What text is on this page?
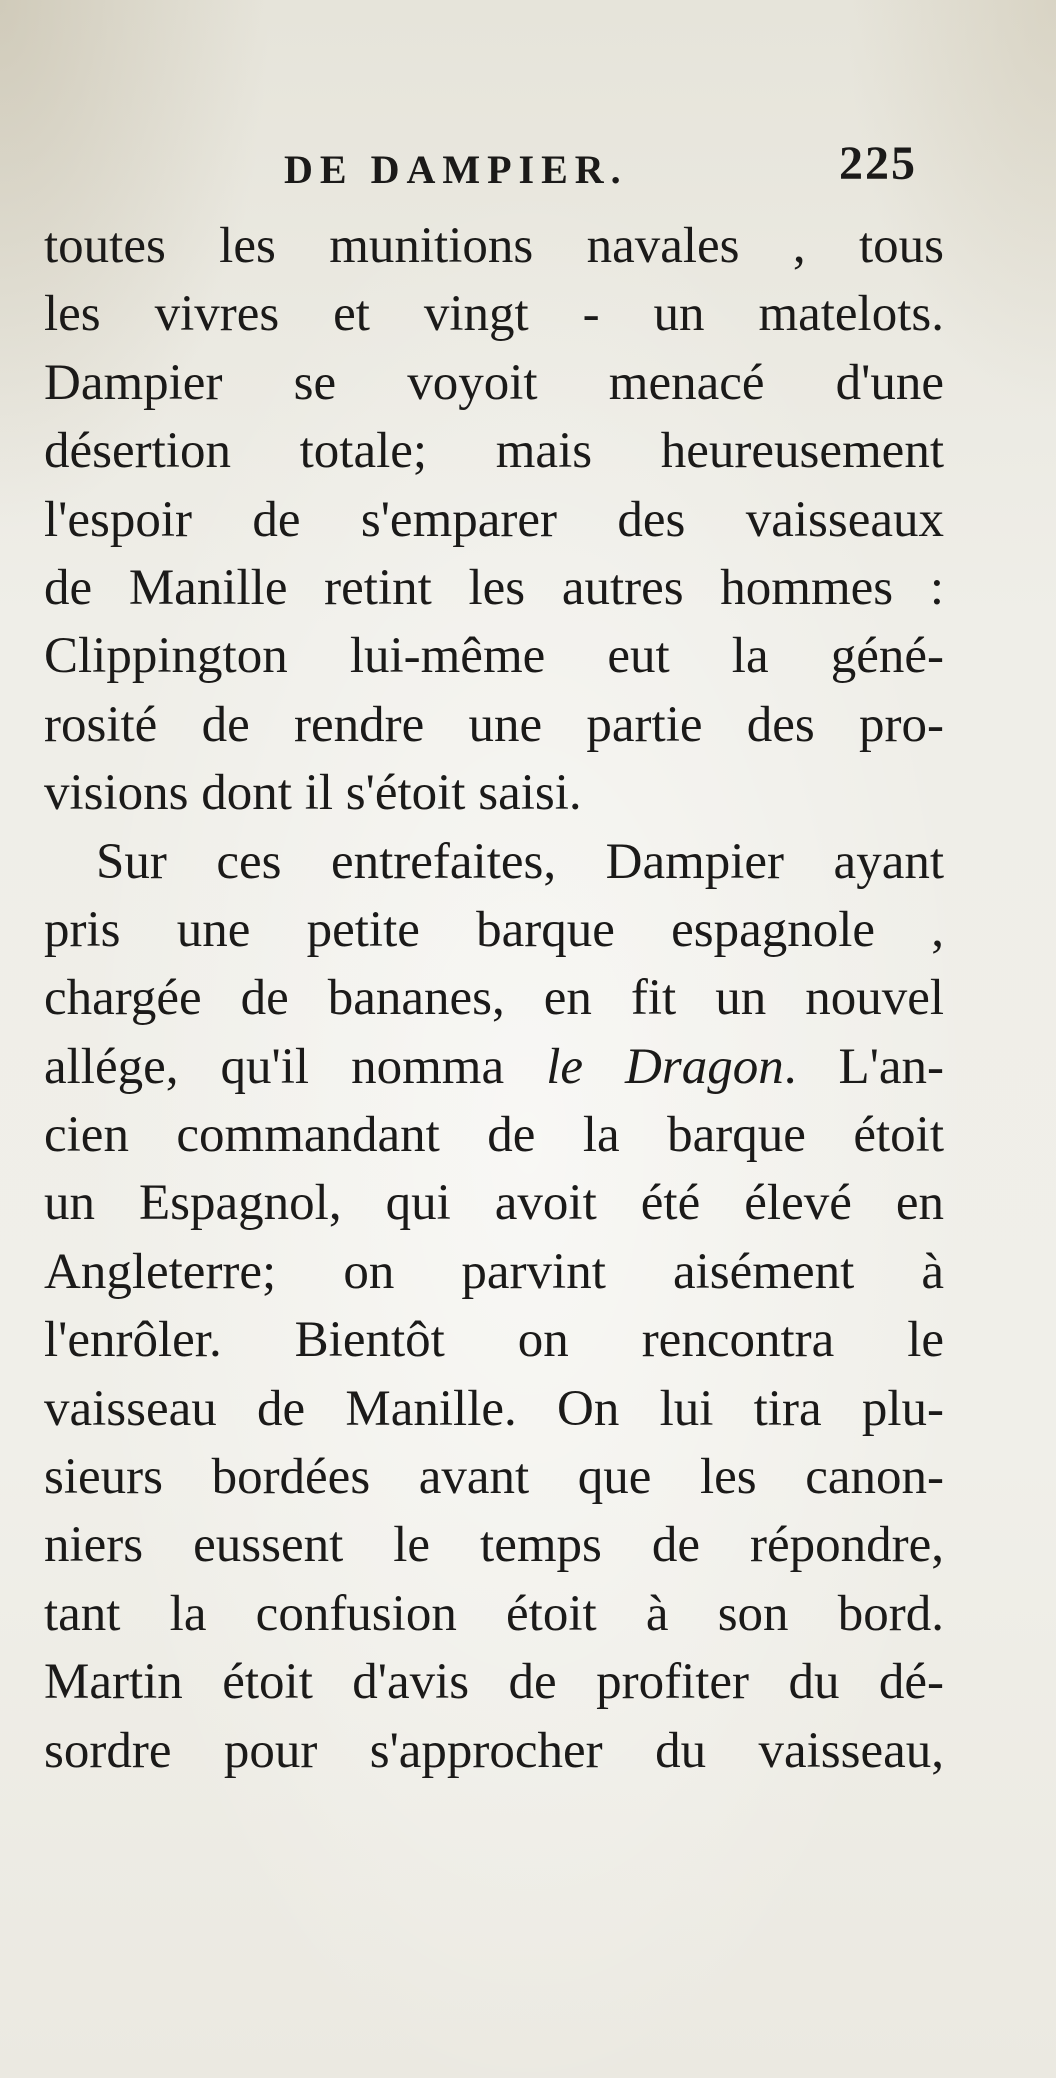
DE DAMPIER.	225
toutes les munitions navales , tous
les vivres et vingt - un matelots.
Dampier se voyoit menacé d'une
désertion totale; mais heureusement
l'espoir de s'emparer des vaisseaux
de Manille retint les autres hommes :
Clippington lui-même eut la géné-
rosité de rendre une partie des pro-
visions dont il s'étoit saisi.
Sur ces entrefaites, Dampier ayant
pris une petite barque espagnole ,
chargée de bananes, en fit un nouvel
allége, qu'il nomma le Dragon. L'an-
cien commandant de la barque étoit
un Espagnol, qui avoit été élevé en
Angleterre; on parvint aisément à
l'enrôler. Bientôt on rencontra le
vaisseau de Manille. On lui tira plu-
sieurs bordées avant que les canon-
niers eussent le temps de répondre,
tant la confusion étoit à son bord.
Martin étoit d'avis de profiter du dé-
sordre pour s'approcher du vaisseau,
